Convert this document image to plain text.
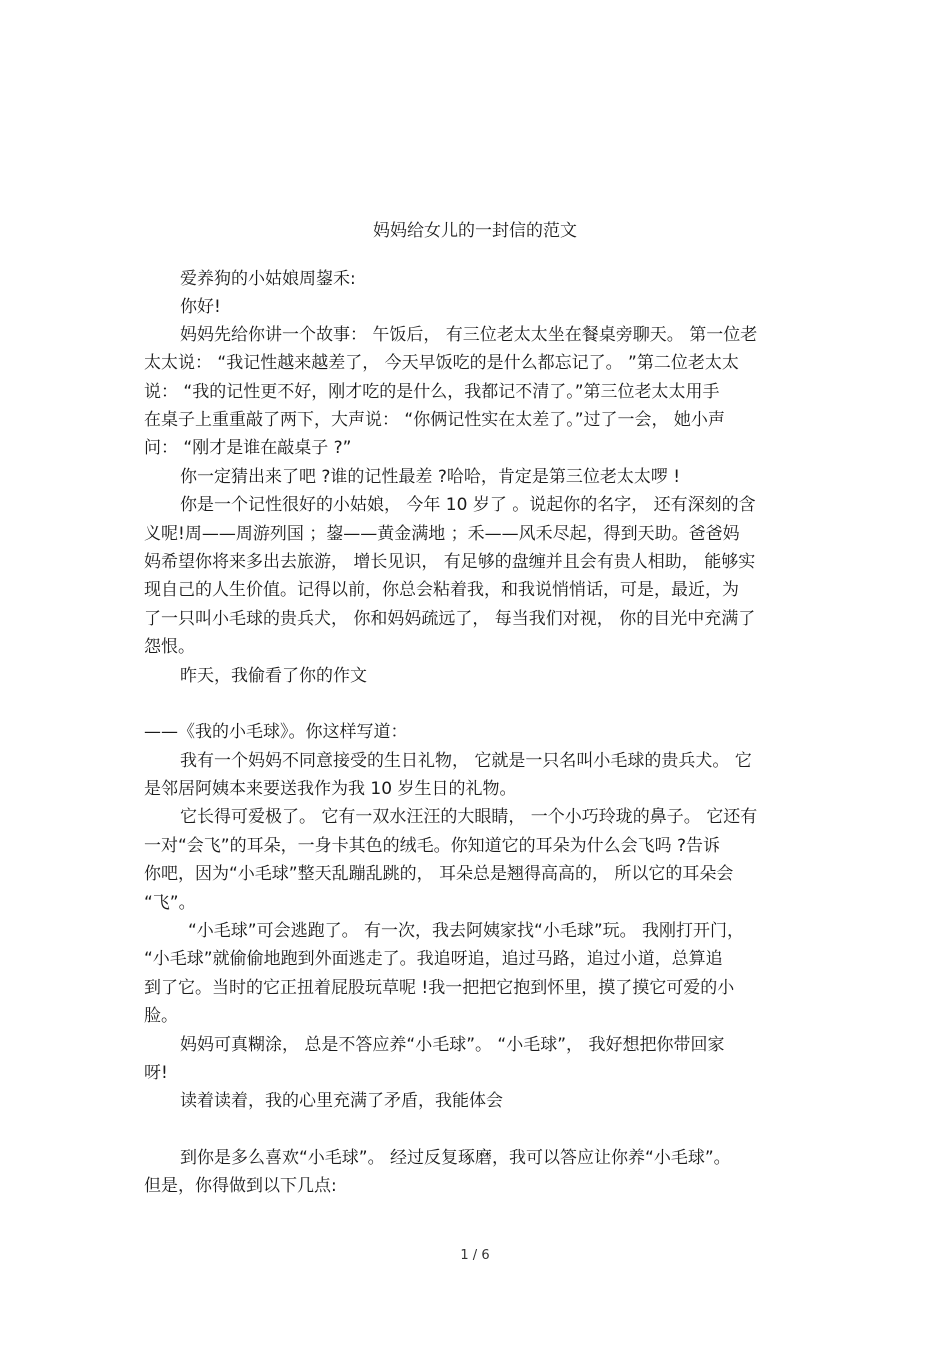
妈妈给女儿的一封信的范文
爱养狗的小姑娘周鋆禾:
你好!
妈妈先给你讲一个故事： 午饭后， 有三位老太太坐在餐桌旁聊天。 第一位老
太太说： “我记性越来越差了， 今天早饭吃的是什么都忘记了。 ”第二位老太太
说： “我的记性更不好，刚才吃的是什么，我都记不清了。”第三位老太太用手
在桌子上重重敲了两下，大声说： “你俩记性实在太差了。”过了一会， 她小声
问： “刚才是谁在敲桌子 ?”
你一定猜出来了吧 ?谁的记性最差 ?哈哈，肯定是第三位老太太啰 !
你是一个记性很好的小姑娘， 今年 10 岁了 。说起你的名字， 还有深刻的含
义呢!周——周游列国 ；鋆——黄金满地 ；禾——风禾尽起，得到天助。爸爸妈
妈希望你将来多出去旅游， 增长见识， 有足够的盘缠并且会有贵人相助， 能够实
现自己的人生价值。记得以前，你总会粘着我，和我说悄悄话，可是，最近，为
了一只叫小毛球的贵兵犬， 你和妈妈疏远了， 每当我们对视， 你的目光中充满了
怨恨。
昨天，我偷看了你的作文
——《我的小毛球》。你这样写道：
我有一个妈妈不同意接受的生日礼物， 它就是一只名叫小毛球的贵兵犬。 它
是邻居阿姨本来要送我作为我 10 岁生日的礼物。
它长得可爱极了。 它有一双水汪汪的大眼睛， 一个小巧玲珑的鼻子。 它还有
一对“会飞”的耳朵，一身卡其色的绒毛。你知道它的耳朵为什么会飞吗 ?告诉
你吧，因为“小毛球”整天乱蹦乱跳的， 耳朵总是翘得高高的， 所以它的耳朵会
“飞”。
“小毛球”可会逃跑了。 有一次，我去阿姨家找“小毛球”玩。 我刚打开门，
“小毛球”就偷偷地跑到外面逃走了。我追呀追，追过马路，追过小道，总算追
到了它。当时的它正扭着屁股玩草呢 !我一把把它抱到怀里，摸了摸它可爱的小
脸。
妈妈可真糊涂， 总是不答应养“小毛球”。 “小毛球”， 我好想把你带回家
呀!
读着读着，我的心里充满了矛盾，我能体会
到你是多么喜欢“小毛球”。 经过反复琢磨，我可以答应让你养“小毛球”。
但是，你得做到以下几点:
1 / 6
